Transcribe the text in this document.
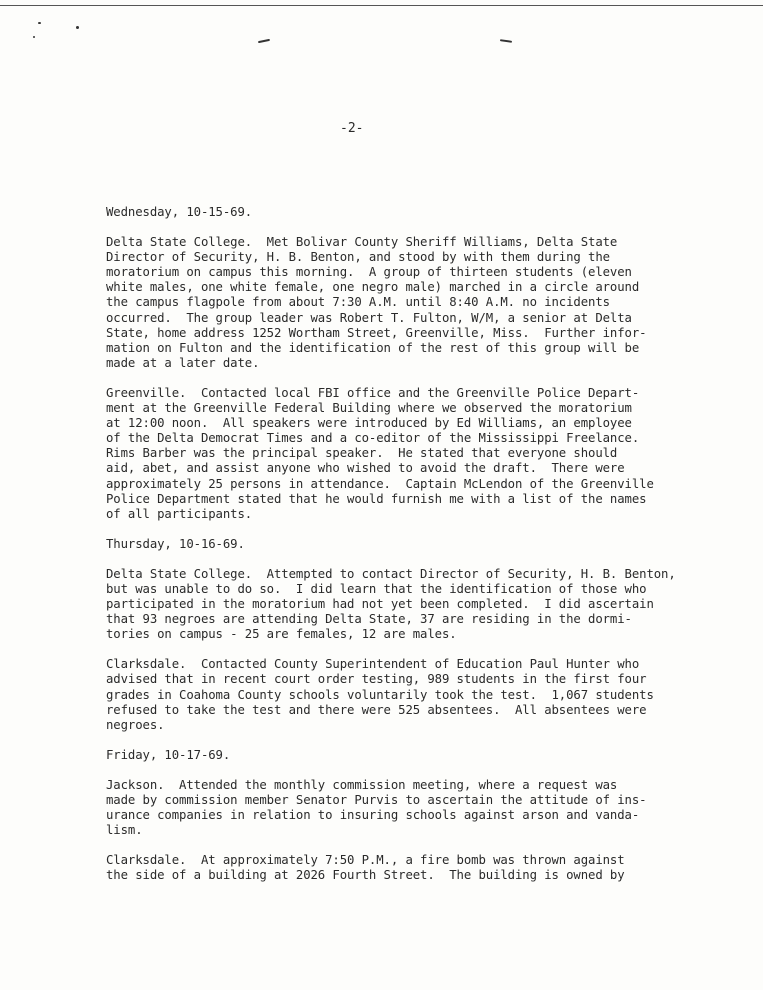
-2-
Wednesday, 10-15-69.
Delta State College.  Met Bolivar County Sheriff Williams, Delta State
Director of Security, H. B. Benton, and stood by with them during the
moratorium on campus this morning.  A group of thirteen students (eleven
white males, one white female, one negro male) marched in a circle around
the campus flagpole from about 7:30 A.M. until 8:40 A.M. no incidents
occurred.  The group leader was Robert T. Fulton, W/M, a senior at Delta
State, home address 1252 Wortham Street, Greenville, Miss.  Further infor-
mation on Fulton and the identification of the rest of this group will be
made at a later date.
Greenville.  Contacted local FBI office and the Greenville Police Depart-
ment at the Greenville Federal Building where we observed the moratorium
at 12:00 noon.  All speakers were introduced by Ed Williams, an employee
of the Delta Democrat Times and a co-editor of the Mississippi Freelance.
Rims Barber was the principal speaker.  He stated that everyone should
aid, abet, and assist anyone who wished to avoid the draft.  There were
approximately 25 persons in attendance.  Captain McLendon of the Greenville
Police Department stated that he would furnish me with a list of the names
of all participants.
Thursday, 10-16-69.
Delta State College.  Attempted to contact Director of Security, H. B. Benton,
but was unable to do so.  I did learn that the identification of those who
participated in the moratorium had not yet been completed.  I did ascertain
that 93 negroes are attending Delta State, 37 are residing in the dormi-
tories on campus - 25 are females, 12 are males.
Clarksdale.  Contacted County Superintendent of Education Paul Hunter who
advised that in recent court order testing, 989 students in the first four
grades in Coahoma County schools voluntarily took the test.  1,067 students
refused to take the test and there were 525 absentees.  All absentees were
negroes.
Friday, 10-17-69.
Jackson.  Attended the monthly commission meeting, where a request was
made by commission member Senator Purvis to ascertain the attitude of ins-
urance companies in relation to insuring schools against arson and vanda-
lism.
Clarksdale.  At approximately 7:50 P.M., a fire bomb was thrown against
the side of a building at 2026 Fourth Street.  The building is owned by
